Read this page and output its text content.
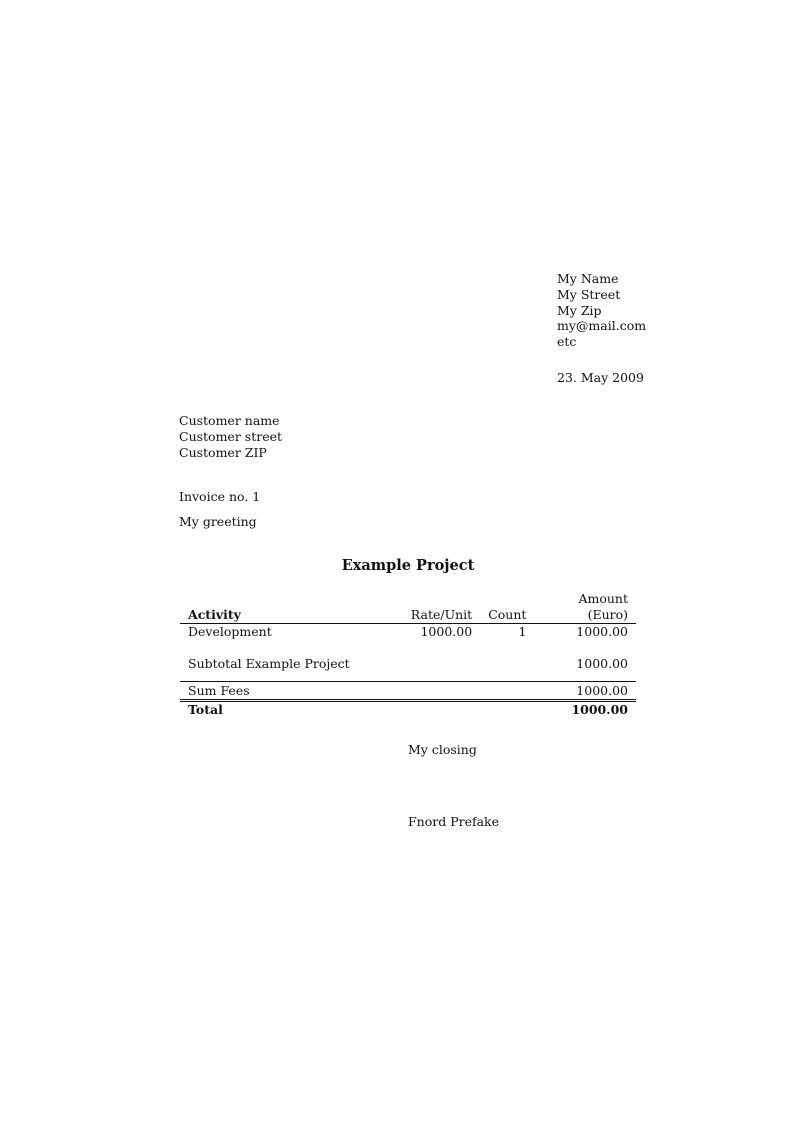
My Name
My Street
My Zip
my@mail.com
etc
23. May 2009
Customer name
Customer street
Customer ZIP
Invoice no. 1
My greeting
Example Project
Activity	Rate/Unit	Count	Amount (Euro)
Development	1000.00	1	1000.00

Subtotal Example Project			1000.00

Sum Fees			1000.00
Total			1000.00
My closing
Fnord Prefake
